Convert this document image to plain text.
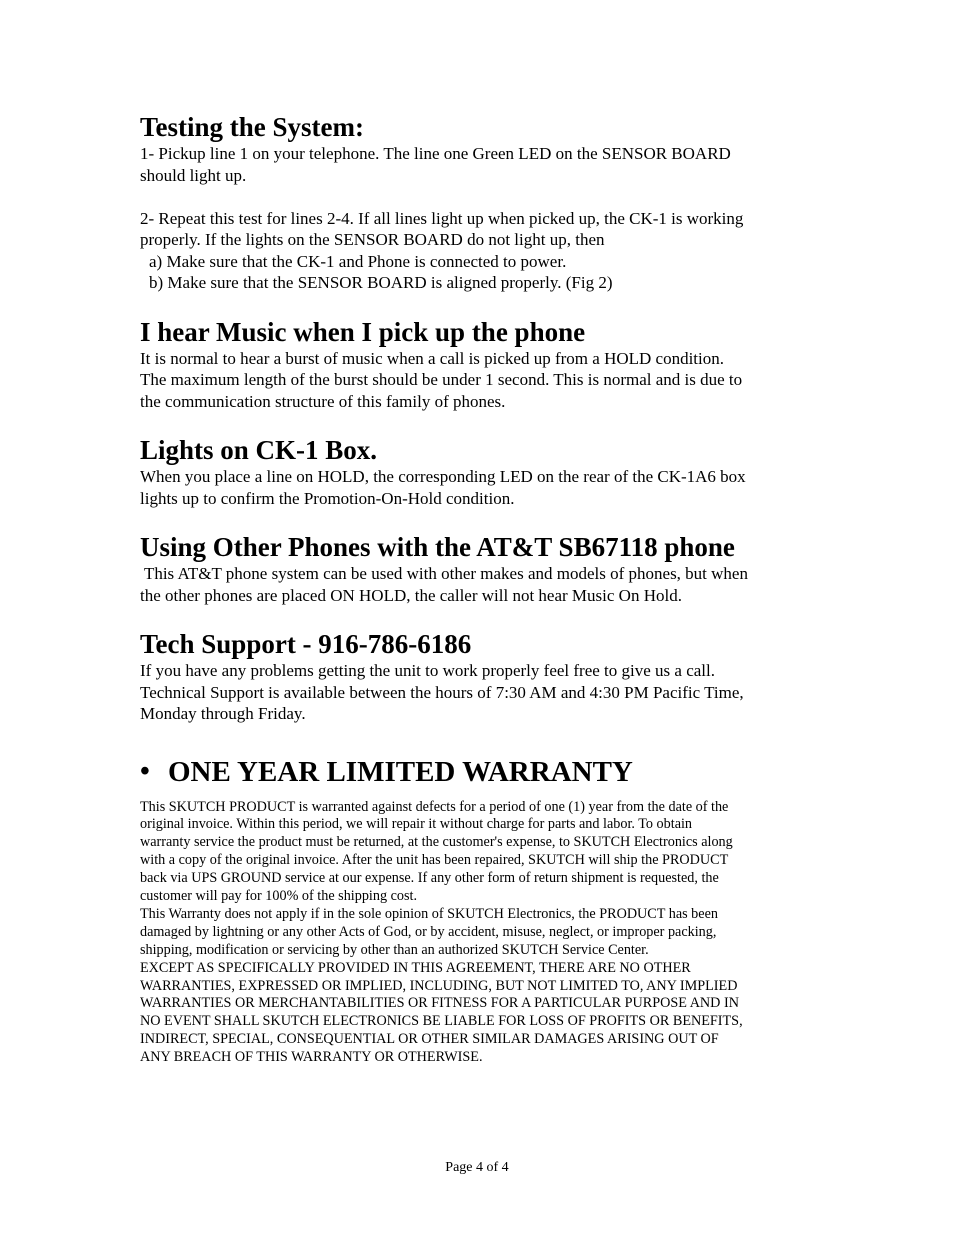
Testing the System:

1- Pickup line 1 on your telephone. The line one Green LED on the SENSOR BOARD
should light up.

2- Repeat this test for lines 2-4. If all lines light up when picked up, the CK-1 is working
properly. If the lights on the SENSOR BOARD do not light up, then
a) Make sure that the CK-1 and Phone is connected to power.
b) Make sure that the SENSOR BOARD is aligned properly. (Fig 2)

I hear Music when I pick up the phone

It is normal to hear a burst of music when a call is picked up from a HOLD condition.
The maximum length of the burst should be under 1 second. This is normal and is due to
the communication structure of this family of phones.

Lights on CK-1 Box.

When you place a line on HOLD, the corresponding LED on the rear of the CK-1A6 box
lights up to confirm the Promotion-On-Hold condition.

Using Other Phones with the AT&T SB67118 phone

This AT&T phone system can be used with other makes and models of phones, but when
the other phones are placed ON HOLD, the caller will not hear Music On Hold.

Tech Support - 916-786-6186

If you have any problems getting the unit to work properly feel free to give us a call.
Technical Support is available between the hours of 7:30 AM and 4:30 PM Pacific Time,
Monday through Friday.

• ONE YEAR LIMITED WARRANTY

This SKUTCH PRODUCT is warranted against defects for a period of one (1) year from the date of the
original invoice. Within this period, we will repair it without charge for parts and labor. To obtain
warranty service the product must be returned, at the customer's expense, to SKUTCH Electronics along
with a copy of the original invoice. After the unit has been repaired, SKUTCH will ship the PRODUCT
back via UPS GROUND service at our expense. If any other form of return shipment is requested, the
customer will pay for 100% of the shipping cost.
This Warranty does not apply if in the sole opinion of SKUTCH Electronics, the PRODUCT has been
damaged by lightning or any other Acts of God, or by accident, misuse, neglect, or improper packing,
shipping, modification or servicing by other than an authorized SKUTCH Service Center.
EXCEPT AS SPECIFICALLY PROVIDED IN THIS AGREEMENT, THERE ARE NO OTHER
WARRANTIES, EXPRESSED OR IMPLIED, INCLUDING, BUT NOT LIMITED TO, ANY IMPLIED
WARRANTIES OR MERCHANTABILITIES OR FITNESS FOR A PARTICULAR PURPOSE AND IN
NO EVENT SHALL SKUTCH ELECTRONICS BE LIABLE FOR LOSS OF PROFITS OR BENEFITS,
INDIRECT, SPECIAL, CONSEQUENTIAL OR OTHER SIMILAR DAMAGES ARISING OUT OF
ANY BREACH OF THIS WARRANTY OR OTHERWISE.

Page 4 of 4
